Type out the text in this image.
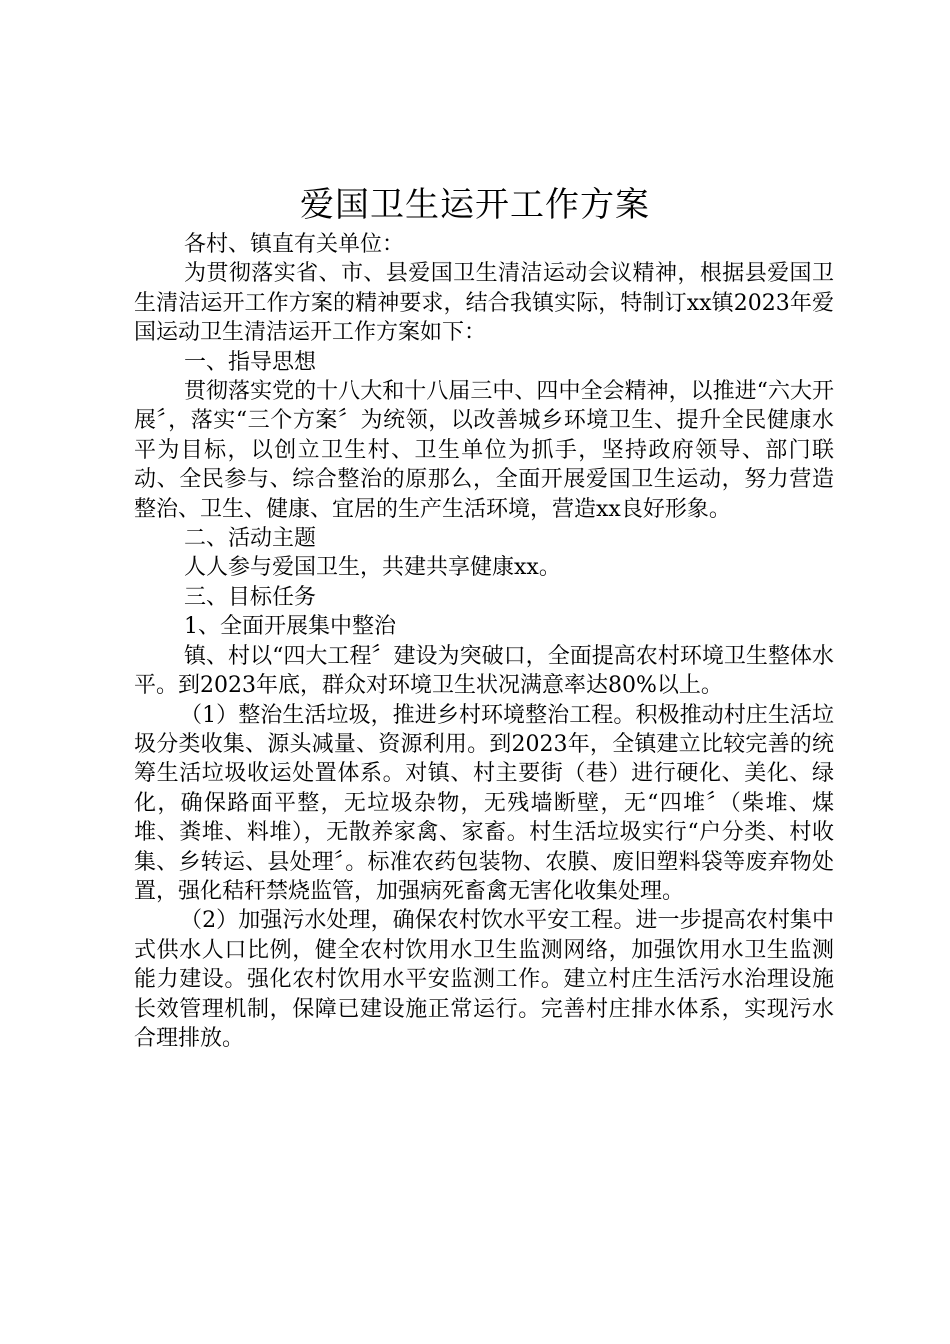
爱国卫生运开工作方案

各村、镇直有关单位：

为贯彻落实省、市、县爱国卫生清洁运动会议精神，根据县爱国卫生清洁运开工作方案的精神要求，结合我镇实际，特制订xx镇2023年爱国运动卫生清洁运开工作方案如下：

一、指导思想

贯彻落实党的十八大和十八届三中、四中全会精神，以推进“六大开展〞，落实“三个方案〞为统领，以改善城乡环境卫生、提升全民健康水平为目标，以创立卫生村、卫生单位为抓手，坚持政府领导、部门联动、全民参与、综合整治的原那么，全面开展爱国卫生运动，努力营造整治、卫生、健康、宜居的生产生活环境，营造xx良好形象。

二、活动主题

人人参与爱国卫生，共建共享健康xx。

三、目标任务

1、全面开展集中整治

镇、村以“四大工程〞建设为突破口，全面提高农村环境卫生整体水平。到2023年底，群众对环境卫生状况满意率达80%以上。

（1）整治生活垃圾，推进乡村环境整治工程。积极推动村庄生活垃圾分类收集、源头减量、资源利用。到2023年，全镇建立比较完善的统筹生活垃圾收运处置体系。对镇、村主要街（巷）进行硬化、美化、绿化，确保路面平整，无垃圾杂物，无残墙断壁，无“四堆〞（柴堆、煤堆、粪堆、料堆），无散养家禽、家畜。村生活垃圾实行“户分类、村收集、乡转运、县处理〞。标准农药包装物、农膜、废旧塑料袋等废弃物处置，强化秸秆禁烧监管，加强病死畜禽无害化收集处理。

（2）加强污水处理，确保农村饮水平安工程。进一步提高农村集中式供水人口比例，健全农村饮用水卫生监测网络，加强饮用水卫生监测能力建设。强化农村饮用水平安监测工作。建立村庄生活污水治理设施长效管理机制，保障已建设施正常运行。完善村庄排水体系，实现污水合理排放。
